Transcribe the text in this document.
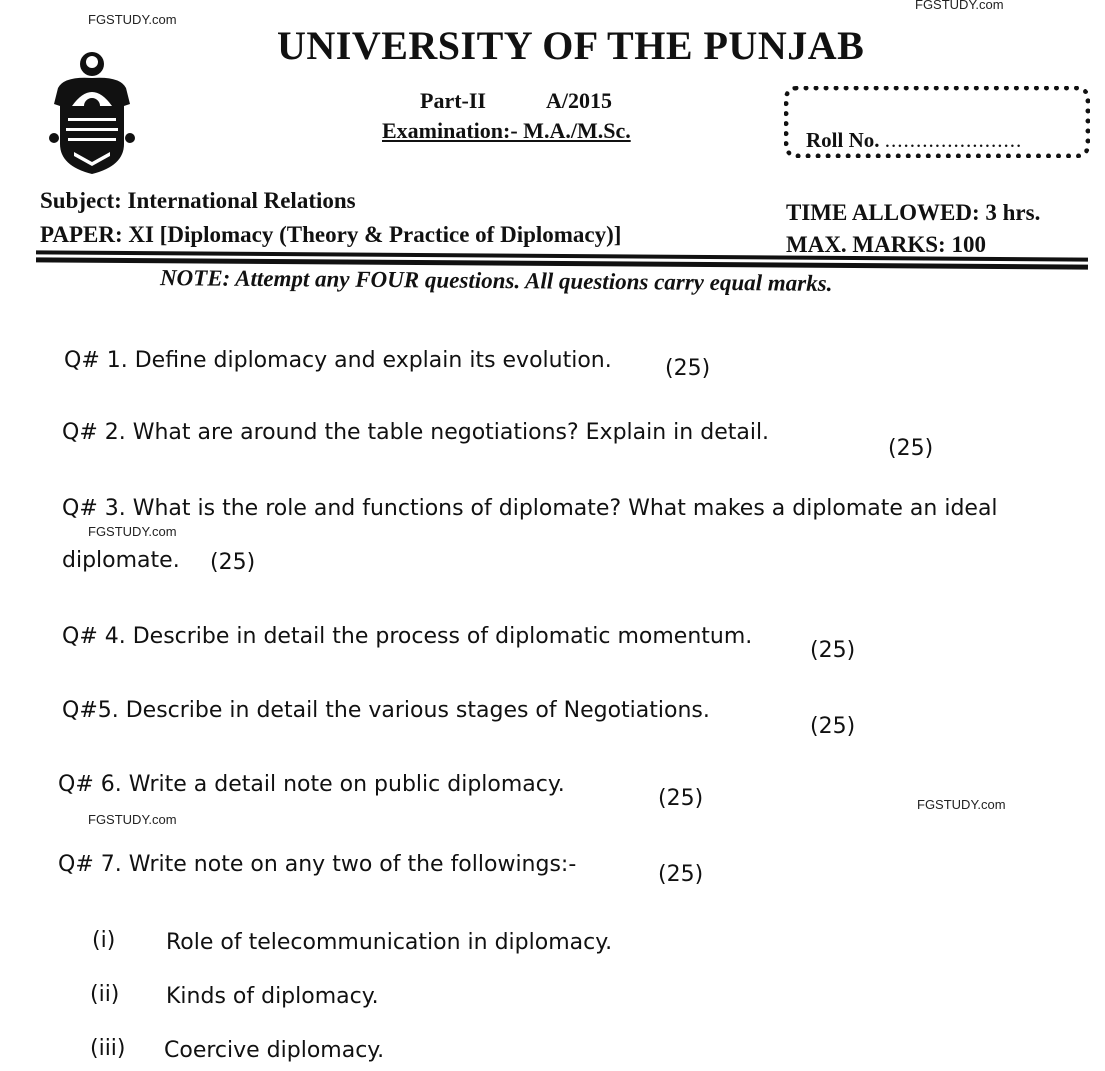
FGSTUDY.com
FGSTUDY.com
FGSTUDY.com
FGSTUDY.com
FGSTUDY.com
UNIVERSITY OF THE PUNJAB
Part-II	A/2015
Examination:- M.A./M.Sc.	Roll No. ......................
Subject: International Relations
PAPER: XI [Diplomacy (Theory & Practice of Diplomacy)]
TIME ALLOWED: 3 hrs.
MAX. MARKS: 100
NOTE: Attempt any FOUR questions. All questions carry equal marks.
Q# 1. Define diplomacy and explain its evolution. (25)
Q# 2. What are around the table negotiations? Explain in detail.
(25)
Q# 3. What is the role and functions of diplomate? What makes a diplomate an ideal
diplomate. (25)
Q# 4. Describe in detail the process of diplomatic momentum.
(25)
Q#5. Describe in detail the various stages of Negotiations.
(25)
Q# 6. Write a detail note on public diplomacy.
(25)
Q# 7. Write note on any two of the followings:-	(25)
(i) Role of telecommunication in diplomacy.
(ii) Kinds of diplomacy.
(iii) Coercive diplomacy.
